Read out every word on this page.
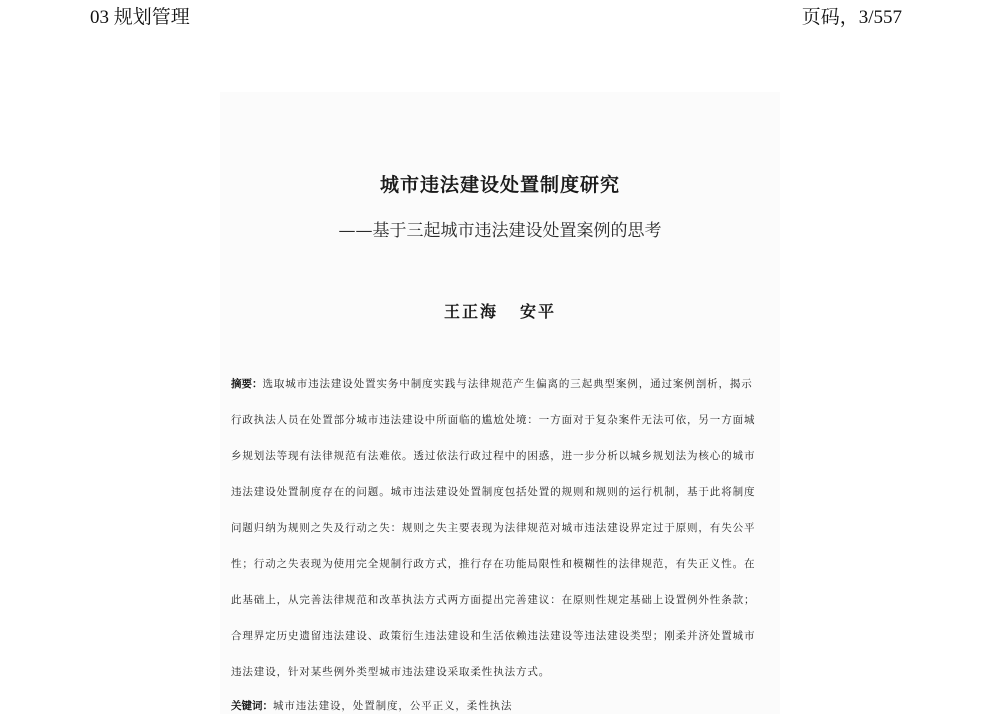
03 规划管理	页码，3/557
城市违法建设处置制度研究
——基于三起城市违法建设处置案例的思考
王正海 安平
摘要：选取城市违法建设处置实务中制度实践与法律规范产生偏离的三起典型案例，通过案例剖析，揭示
行政执法人员在处置部分城市违法建设中所面临的尴尬处境：一方面对于复杂案件无法可依，另一方面城
乡规划法等现有法律规范有法难依。透过依法行政过程中的困惑，进一步分析以城乡规划法为核心的城市
违法建设处置制度存在的问题。城市违法建设处置制度包括处置的规则和规则的运行机制，基于此将制度
问题归纳为规则之失及行动之失：规则之失主要表现为法律规范对城市违法建设界定过于原则，有失公平
性；行动之失表现为使用完全规制行政方式，推行存在功能局限性和模糊性的法律规范，有失正义性。在
此基础上，从完善法律规范和改革执法方式两方面提出完善建议：在原则性规定基础上设置例外性条款；
合理界定历史遗留违法建设、政策衍生违法建设和生活依赖违法建设等违法建设类型；刚柔并济处置城市
违法建设，针对某些例外类型城市违法建设采取柔性执法方式。
关键词：城市违法建设，处置制度，公平正义，柔性执法
